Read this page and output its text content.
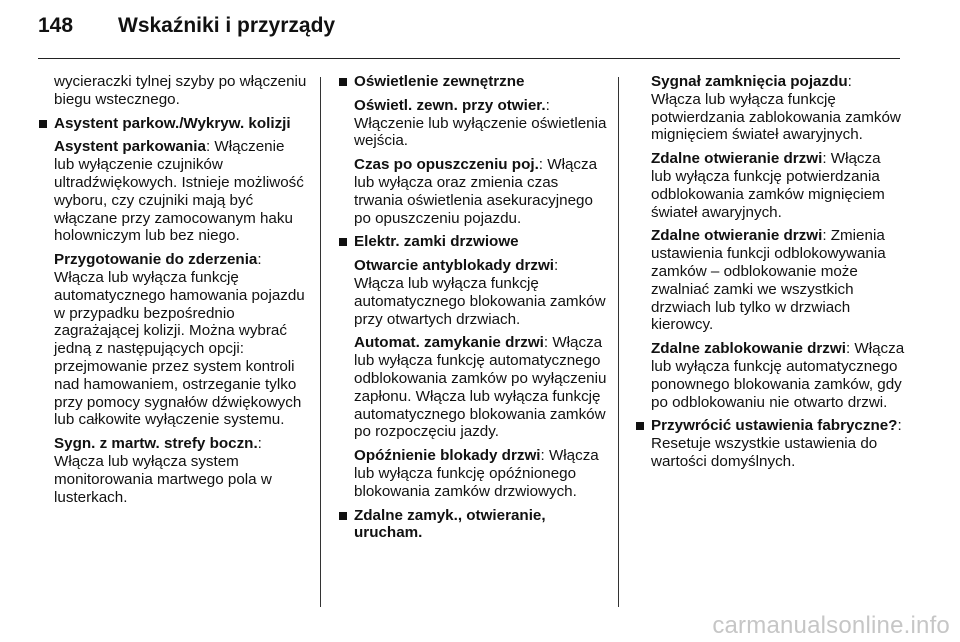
148	Wskaźniki i przyrządy

wycieraczki tylnej szyby po włączeniu biegu wstecznego.

Asystent parkow./Wykryw. kolizji

Asystent parkowania: Włączenie lub wyłączenie czujników ultradźwiękowych. Istnieje możliwość wyboru, czy czujniki mają być włączane przy zamocowanym haku holowniczym lub bez niego.

Przygotowanie do zderzenia: Włącza lub wyłącza funkcję automatycznego hamowania pojazdu w przypadku bezpośrednio zagrażającej kolizji. Można wybrać jedną z następujących opcji: przejmowanie przez system kontroli nad hamowaniem, ostrzeganie tylko przy pomocy sygnałów dźwiękowych lub całkowite wyłączenie systemu.

Sygn. z martw. strefy boczn.: Włącza lub wyłącza system monitorowania martwego pola w lusterkach.

Oświetlenie zewnętrzne

Oświetl. zewn. przy otwier.: Włączenie lub wyłączenie oświetlenia wejścia.

Czas po opuszczeniu poj.: Włącza lub wyłącza oraz zmienia czas trwania oświetlenia asekuracyjnego po opuszczeniu pojazdu.

Elektr. zamki drzwiowe

Otwarcie antyblokady drzwi: Włącza lub wyłącza funkcję automatycznego blokowania zamków przy otwartych drzwiach.

Automat. zamykanie drzwi: Włącza lub wyłącza funkcję automatycznego odblokowania zamków po wyłączeniu zapłonu. Włącza lub wyłącza funkcję automatycznego blokowania zamków po rozpoczęciu jazdy.

Opóźnienie blokady drzwi: Włącza lub wyłącza funkcję opóźnionego blokowania zamków drzwiowych.

Zdalne zamyk., otwieranie, urucham.

Sygnał zamknięcia pojazdu: Włącza lub wyłącza funkcję potwierdzania zablokowania zamków mignięciem świateł awaryjnych.

Zdalne otwieranie drzwi: Włącza lub wyłącza funkcję potwierdzania odblokowania zamków mignięciem świateł awaryjnych.

Zdalne otwieranie drzwi: Zmienia ustawienia funkcji odblokowywania zamków – odblokowanie może zwalniać zamki we wszystkich drzwiach lub tylko w drzwiach kierowcy.

Zdalne zablokowanie drzwi: Włącza lub wyłącza funkcję automatycznego ponownego blokowania zamków, gdy po odblokowaniu nie otwarto drzwi.

Przywrócić ustawienia fabryczne?: Resetuje wszystkie ustawienia do wartości domyślnych.
carmanualsonline.info
